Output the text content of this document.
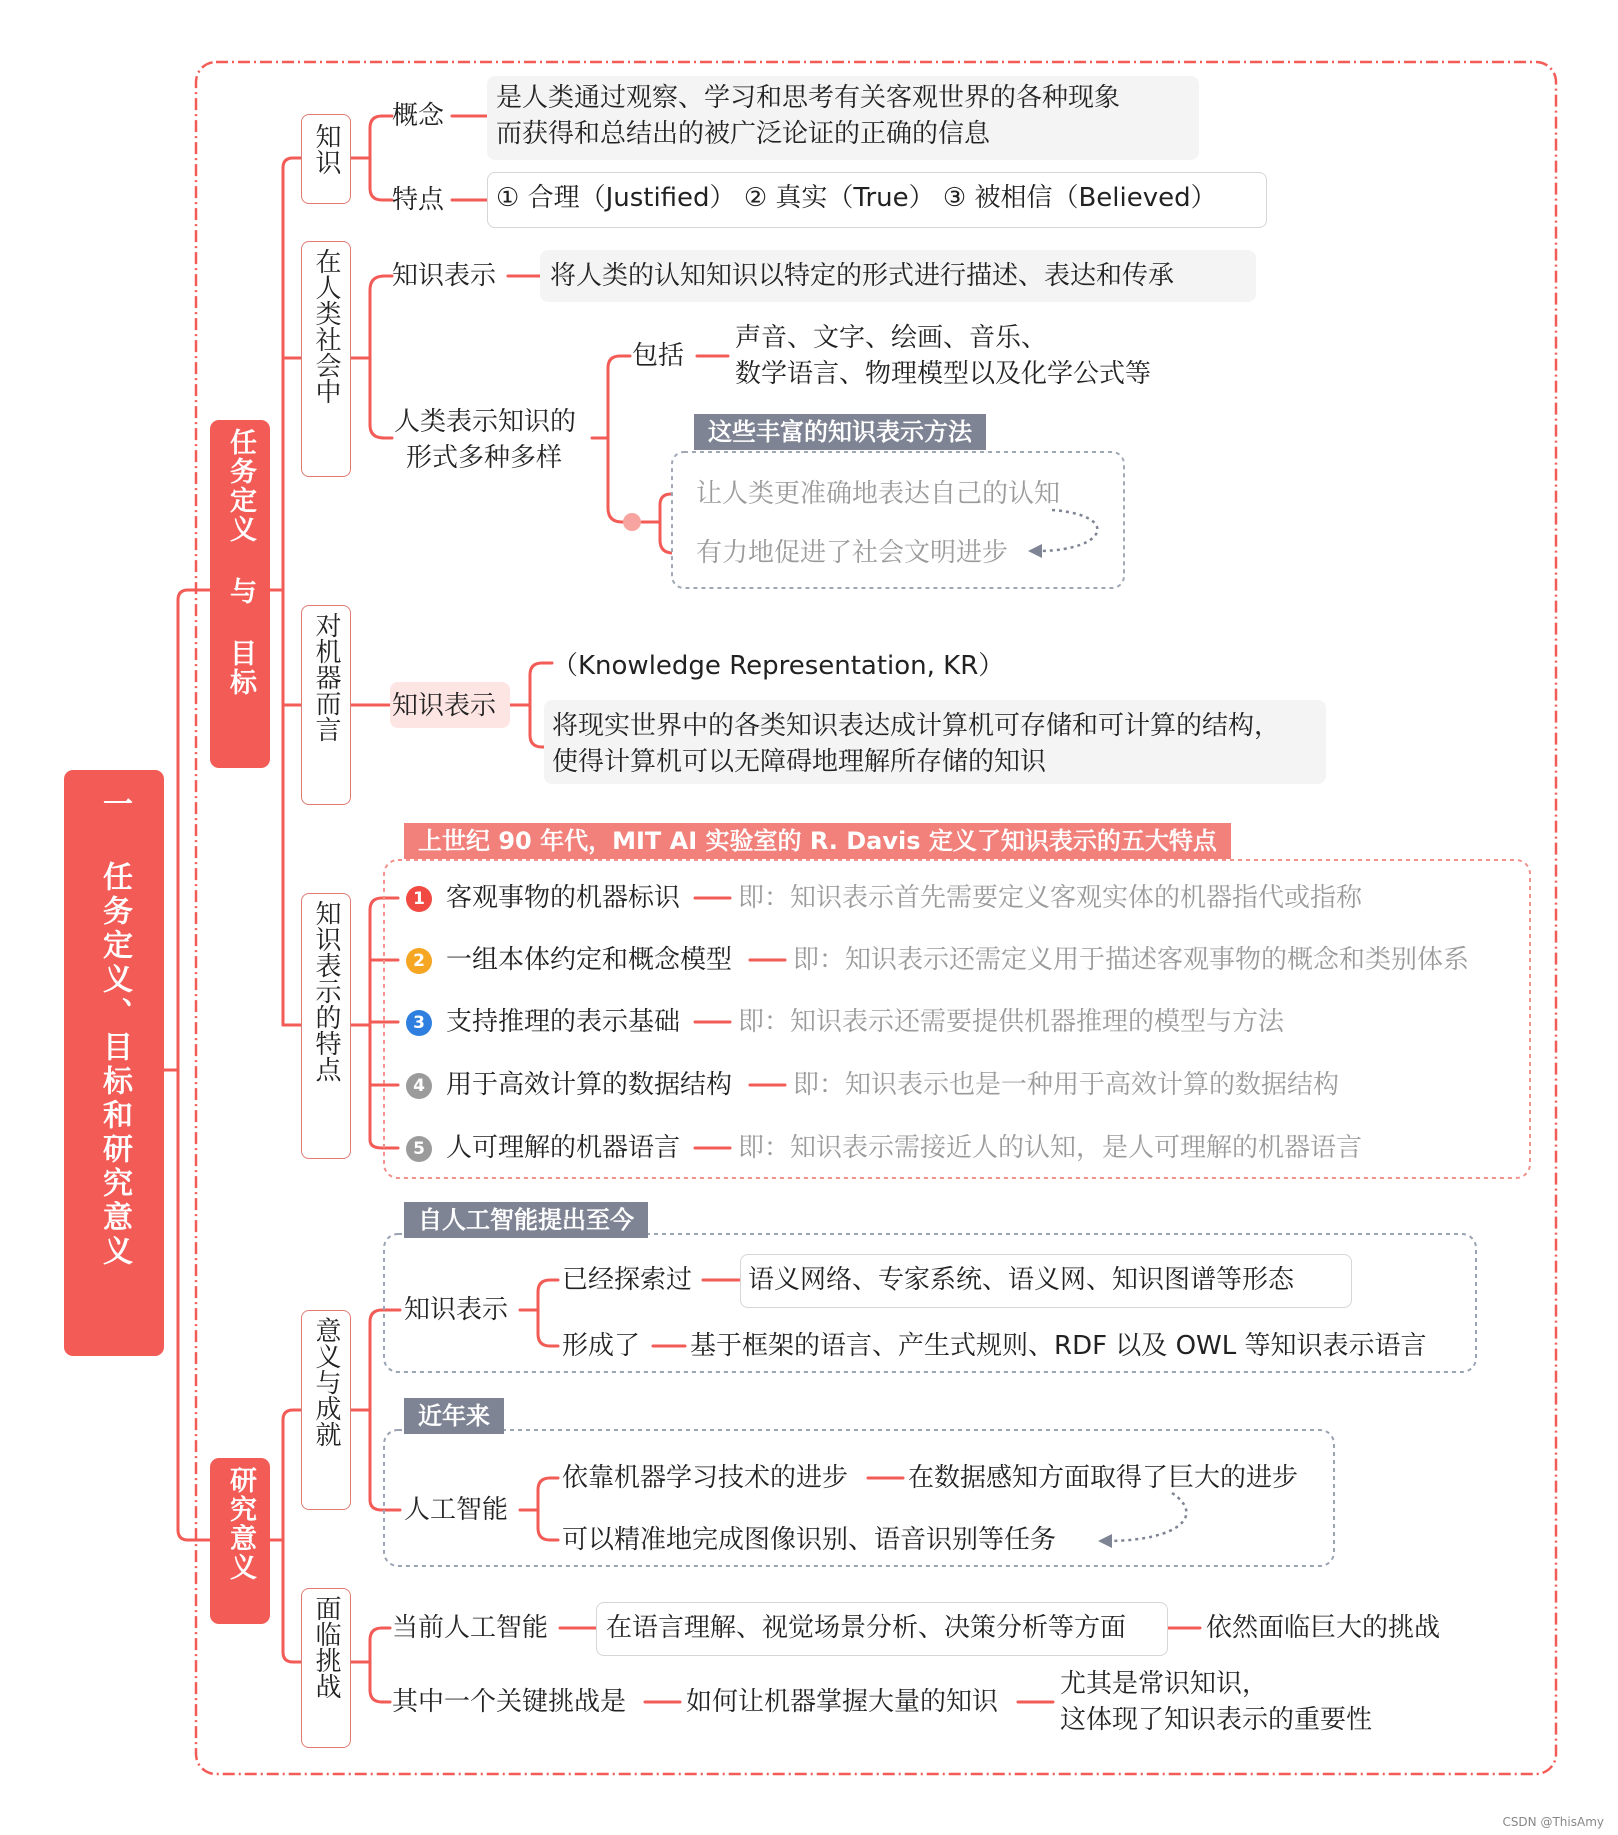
一 任务定义、目标和研究意义
任务定义 与 目标
研究意义
知识
概念
是人类通过观察、学习和思考有关客观世界的各种现象
而获得和总结出的被广泛论证的正确的信息
特点 ① 合理（Justified） ② 真实（True） ③ 被相信（Believed）
在人类社会中 知识表示 将人类的认知知识以特定的形式进行描述、表达和传承
人类表示知识的
形式多种多样
包括
声音、文字、绘画、音乐、
数学语言、物理模型以及化学公式等
这些丰富的知识表示方法
让人类更准确地表达自己的认知
有力地促进了社会文明进步
对机器而言 知识表示
（Knowledge Representation, KR）
将现实世界中的各类知识表达成计算机可存储和可计算的结构，
使得计算机可以无障碍地理解所存储的知识
知识表示的特点
上世纪 90 年代，MIT AI 实验室的 R. Davis 定义了知识表示的五大特点
1 客观事物的机器标识 即：知识表示首先需要定义客观实体的机器指代或指称
2 一组本体约定和概念模型 即：知识表示还需定义用于描述客观事物的概念和类别体系
3 支持推理的表示基础 即：知识表示还需要提供机器推理的模型与方法
4 用于高效计算的数据结构 即：知识表示也是一种用于高效计算的数据结构
5 人可理解的机器语言 即：知识表示需接近人的认知，是人可理解的机器语言
意义与成就
自人工智能提出至今
知识表示
已经探索过 语义网络、专家系统、语义网、知识图谱等形态
形成了 基于框架的语言、产生式规则、RDF 以及 OWL 等知识表示语言
近年来
人工智能
依靠机器学习技术的进步 在数据感知方面取得了巨大的进步
可以精准地完成图像识别、语音识别等任务
面临挑战 当前人工智能 在语言理解、视觉场景分析、决策分析等方面	依然面临巨大的挑战
其中一个关键挑战是 如何让机器掌握大量的知识
尤其是常识知识，
这体现了知识表示的重要性
CSDN @ThisAmy
